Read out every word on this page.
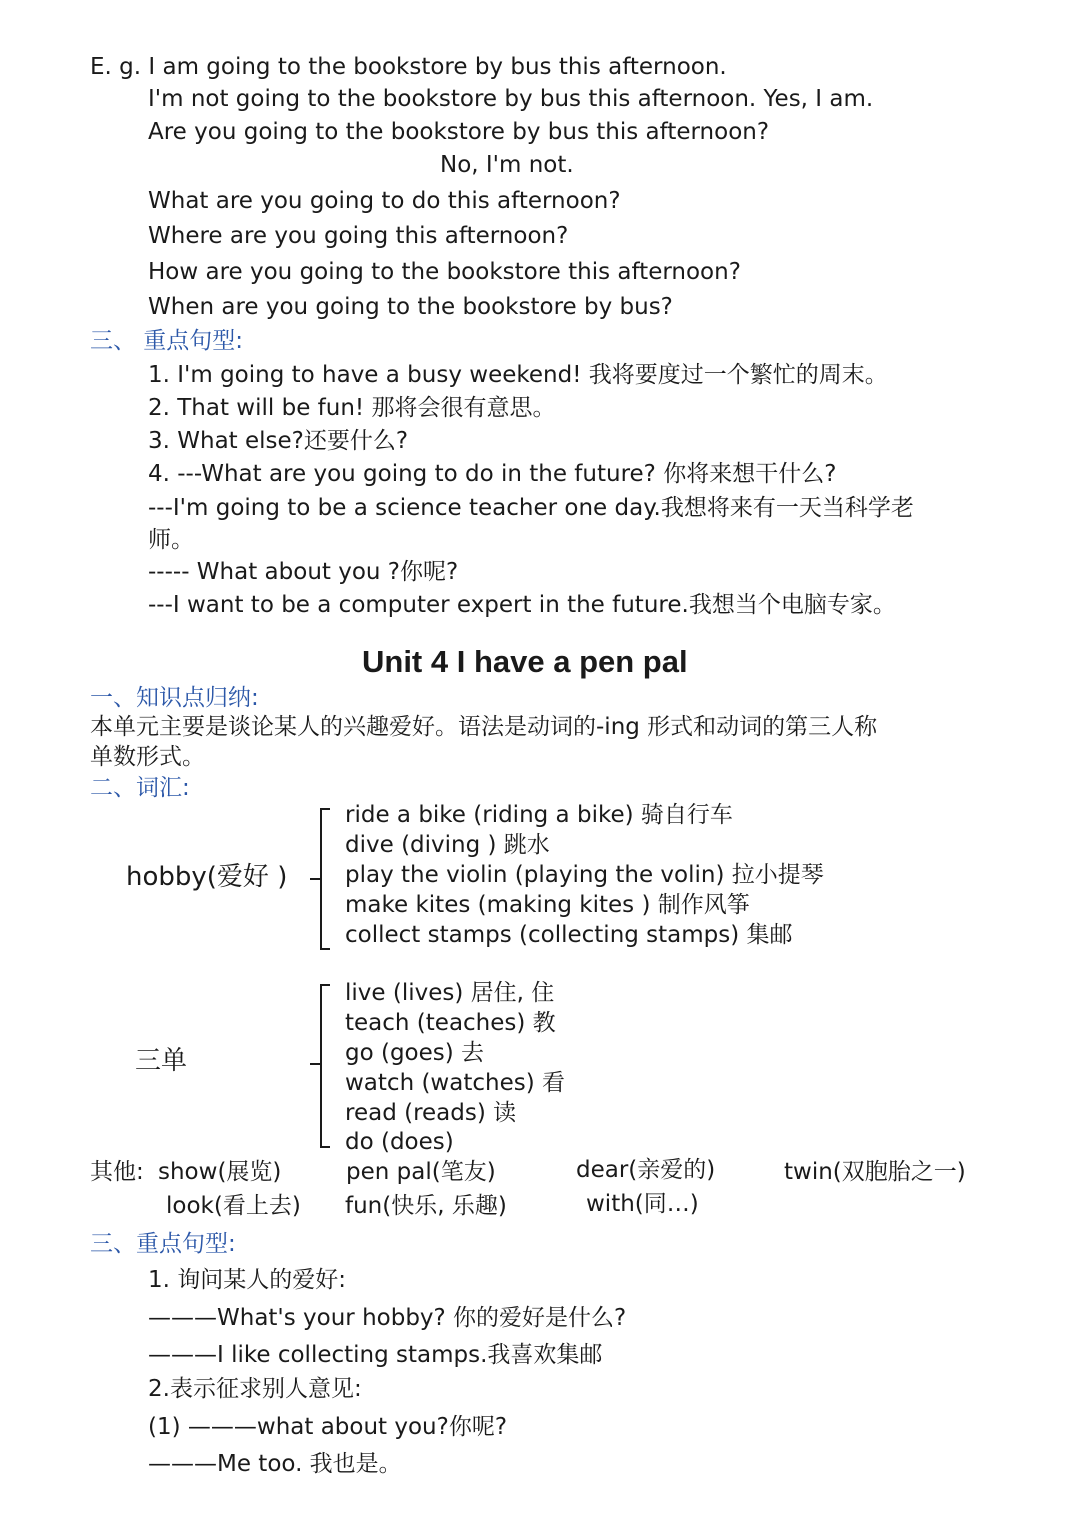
E. g. I am going to the bookstore by bus this afternoon.
I'm not going to the bookstore by bus this afternoon. Yes, I am.
Are you going to the bookstore by bus this afternoon?
No, I'm not.
What are you going to do this afternoon?
Where are you going this afternoon?
How are you going to the bookstore this afternoon?
When are you going to the bookstore by bus?
三、 重点句型:
1. I'm going to have a busy weekend! 我将要度过一个繁忙的周末。
2. That will be fun! 那将会很有意思。
3. What else?还要什么?
4. ---What are you going to do in the future? 你将来想干什么?
---I'm going to be a science teacher one day.我想将来有一天当科学老
师。
----- What about you ?你呢?
---I want to be a computer expert in the future.我想当个电脑专家。
Unit 4 I have a pen pal
一、知识点归纳:
本单元主要是谈论某人的兴趣爱好。语法是动词的-ing 形式和动词的第三人称
单数形式。
二、词汇:
hobby(爱好 )
ride a bike (riding a bike) 骑自行车
dive (diving ) 跳水
play the violin (playing the volin) 拉小提琴
make kites (making kites ) 制作风筝
collect stamps (collecting stamps) 集邮
三单
live (lives) 居住, 住
teach (teaches) 教
go (goes) 去
watch (watches) 看
read (reads) 读
do (does)
其他: show(展览)	pen pal(笔友)	dear(亲爱的)	twin(双胞胎之一)
look(看上去) fun(快乐, 乐趣)	with(同…)
三、重点句型:
1. 询问某人的爱好:
———What's your hobby? 你的爱好是什么?
———I like collecting stamps.我喜欢集邮
2.表示征求别人意见:
(1) ———what about you?你呢?
———Me too. 我也是。
